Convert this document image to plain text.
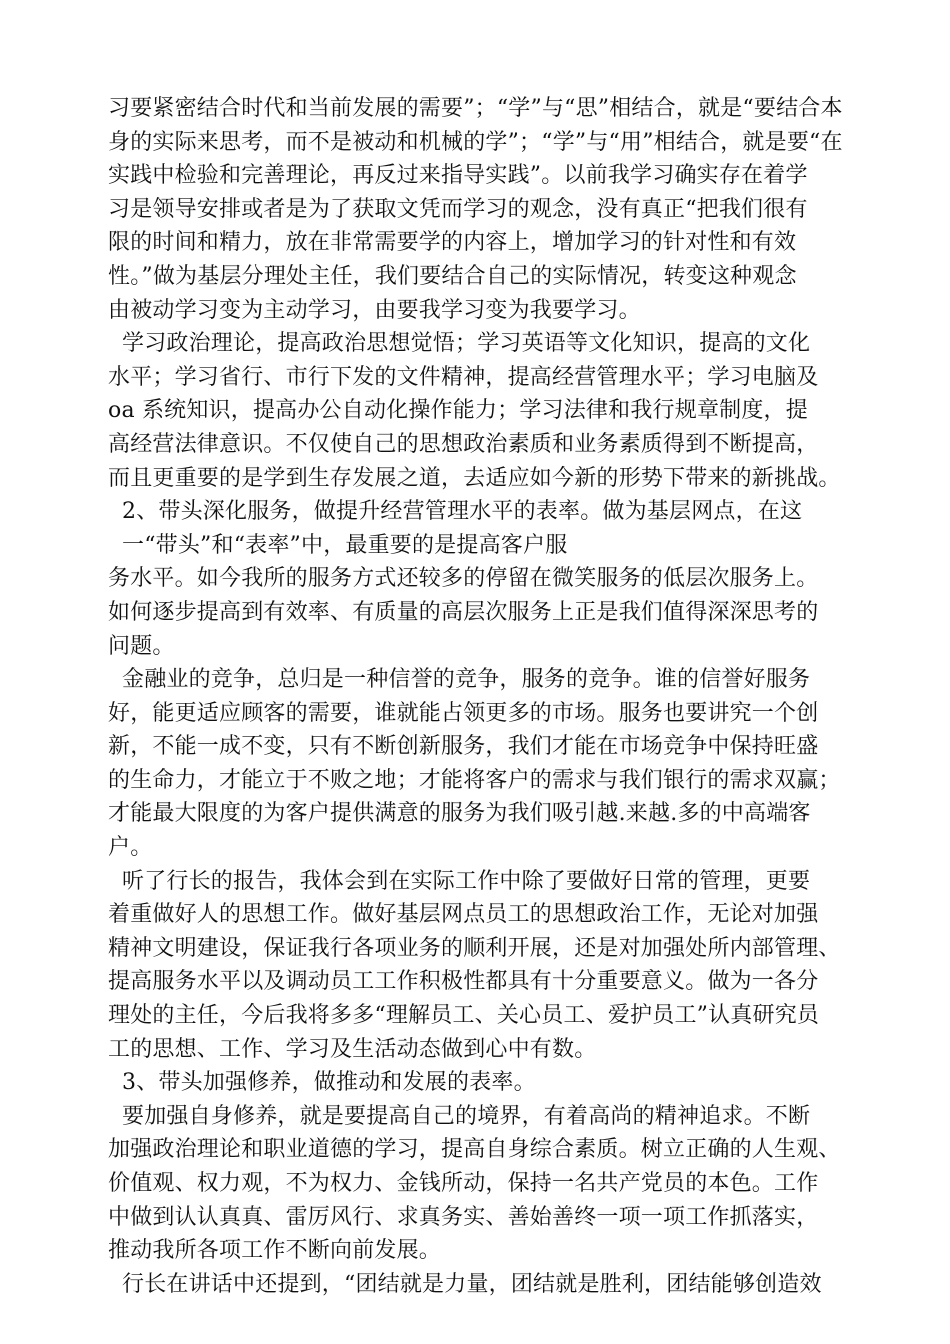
习要紧密结合时代和当前发展的需要”；“学”与“思”相结合，就是“要结合本
身的实际来思考，而不是被动和机械的学”；“学”与“用”相结合，就是要“在
实践中检验和完善理论，再反过来指导实践”。以前我学习确实存在着学
习是领导安排或者是为了获取文凭而学习的观念，没有真正“把我们很有
限的时间和精力，放在非常需要学的内容上，增加学习的针对性和有效
性。”做为基层分理处主任，我们要结合自己的实际情况，转变这种观念
由被动学习变为主动学习，由要我学习变为我要学习。
学习政治理论，提高政治思想觉悟；学习英语等文化知识，提高的文化
水平；学习省行、市行下发的文件精神，提高经营管理水平；学习电脑及
oa 系统知识，提高办公自动化操作能力；学习法律和我行规章制度，提
高经营法律意识。不仅使自己的思想政治素质和业务素质得到不断提高，
而且更重要的是学到生存发展之道，去适应如今新的形势下带来的新挑战。
2、带头深化服务，做提升经营管理水平的表率。做为基层网点，在这
一“带头”和“表率”中，最重要的是提高客户服
务水平。如今我所的服务方式还较多的停留在微笑服务的低层次服务上。
如何逐步提高到有效率、有质量的高层次服务上正是我们值得深深思考的
问题。
金融业的竞争，总归是一种信誉的竞争，服务的竞争。谁的信誉好服务
好，能更适应顾客的需要，谁就能占领更多的市场。服务也要讲究一个创
新，不能一成不变，只有不断创新服务，我们才能在市场竞争中保持旺盛
的生命力，才能立于不败之地；才能将客户的需求与我们银行的需求双赢；
才能最大限度的为客户提供满意的服务为我们吸引越.来越.多的中高端客
户。
听了行长的报告，我体会到在实际工作中除了要做好日常的管理，更要
着重做好人的思想工作。做好基层网点员工的思想政治工作，无论对加强
精神文明建设，保证我行各项业务的顺利开展，还是对加强处所内部管理、
提高服务水平以及调动员工工作积极性都具有十分重要意义。做为一各分
理处的主任，今后我将多多“理解员工、关心员工、爱护员工”认真研究员
工的思想、工作、学习及生活动态做到心中有数。
3、带头加强修养，做推动和发展的表率。
要加强自身修养，就是要提高自己的境界，有着高尚的精神追求。不断
加强政治理论和职业道德的学习，提高自身综合素质。树立正确的人生观、
价值观、权力观，不为权力、金钱所动，保持一名共产党员的本色。工作
中做到认认真真、雷厉风行、求真务实、善始善终一项一项工作抓落实，
推动我所各项工作不断向前发展。
行长在讲话中还提到，“团结就是力量，团结就是胜利，团结能够创造效
